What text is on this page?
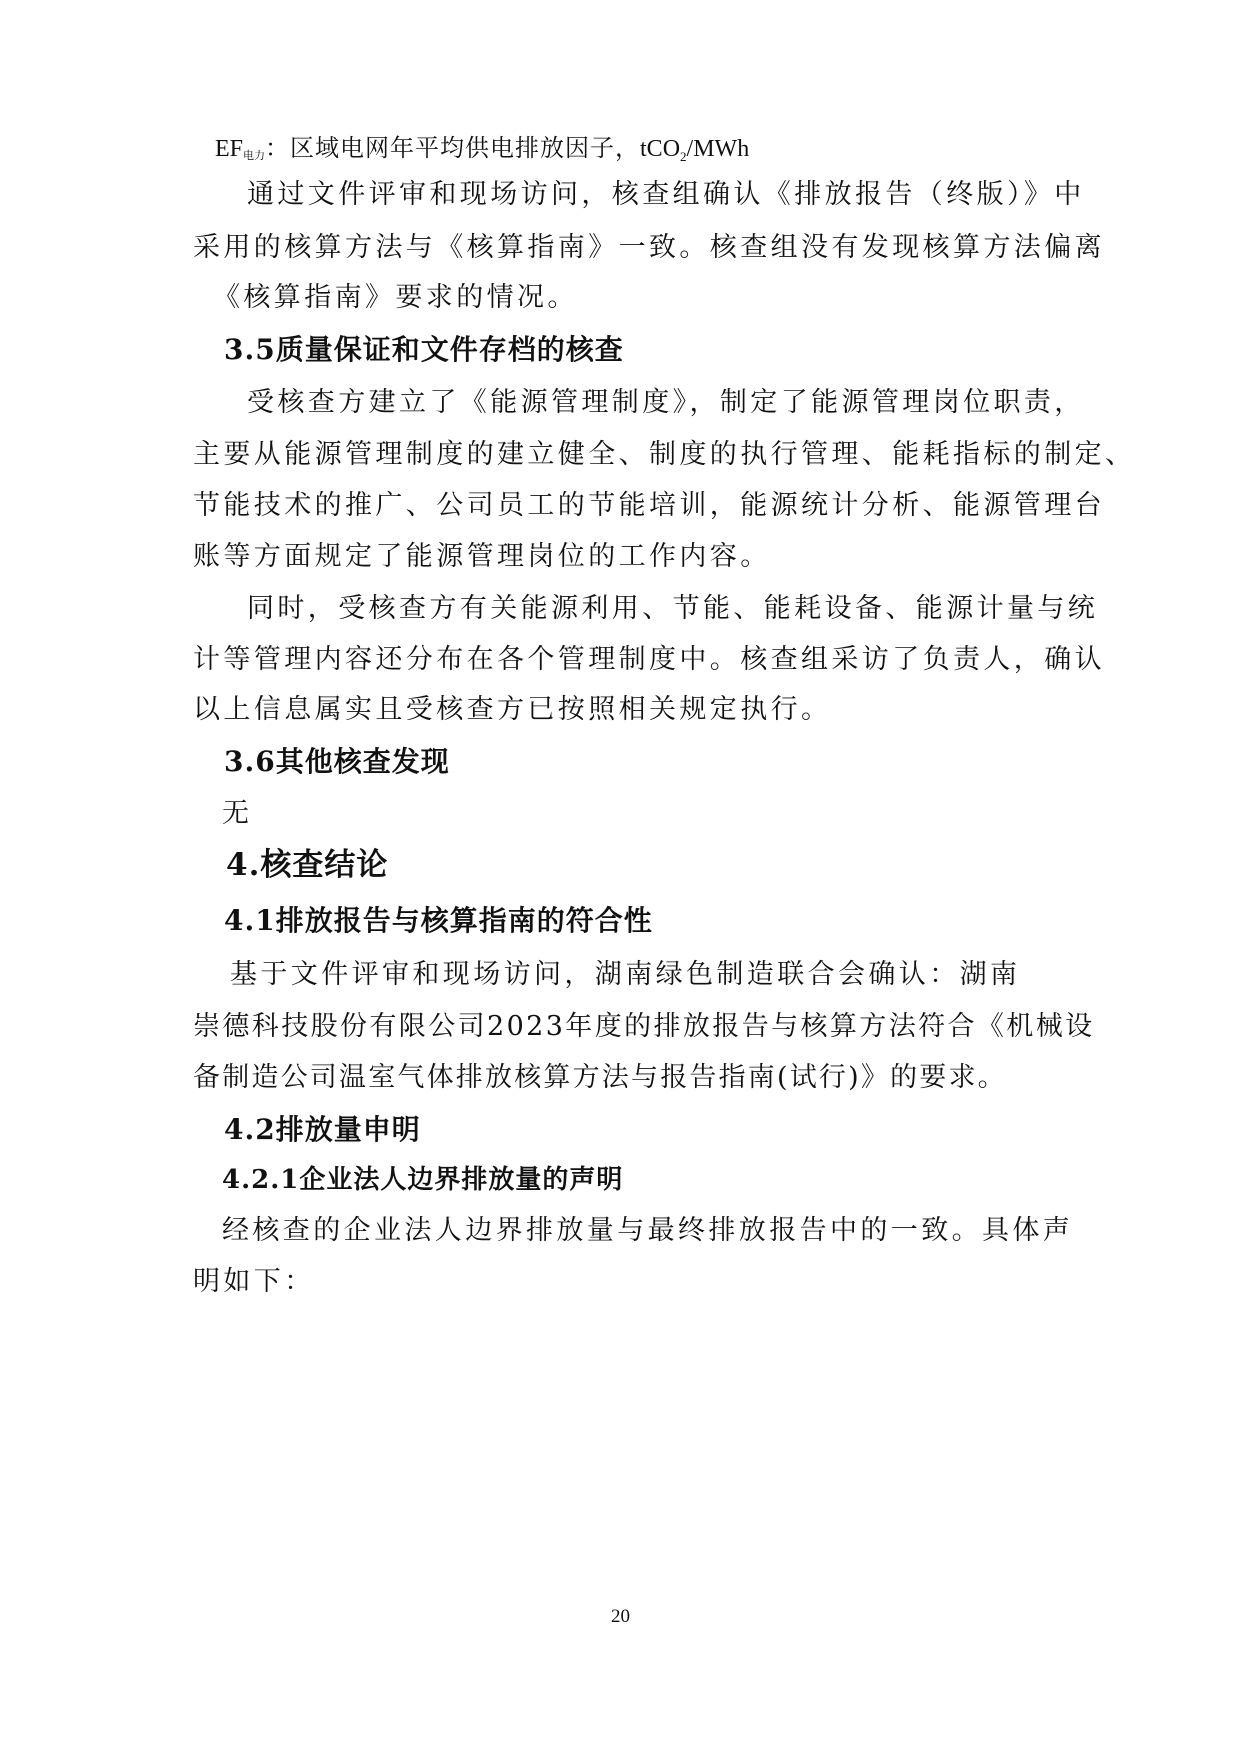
EF电力：区域电网年平均供电排放因子，tCO$_2$/MWh
通过文件评审和现场访问，核查组确认《排放报告（终版）》中
采用的核算方法与《核算指南》一致。核查组没有发现核算方法偏离
《核算指南》要求的情况。
3.5质量保证和文件存档的核查
受核查方建立了《能源管理制度》，制定了能源管理岗位职责，
主要从能源管理制度的建立健全、制度的执行管理、能耗指标的制定、
节能技术的推广、公司员工的节能培训，能源统计分析、能源管理台
账等方面规定了能源管理岗位的工作内容。
同时，受核查方有关能源利用、节能、能耗设备、能源计量与统
计等管理内容还分布在各个管理制度中。核查组采访了负责人，确认
以上信息属实且受核查方已按照相关规定执行。
3.6其他核查发现
无
4.核查结论
4.1排放报告与核算指南的符合性
基于文件评审和现场访问，湖南绿色制造联合会确认：湖南
崇德科技股份有限公司2023年度的排放报告与核算方法符合《机械设
备制造公司温室气体排放核算方法与报告指南(试行)》的要求。
4.2排放量申明
4.2.1企业法人边界排放量的声明
经核查的企业法人边界排放量与最终排放报告中的一致。具体声
明如下：
20
